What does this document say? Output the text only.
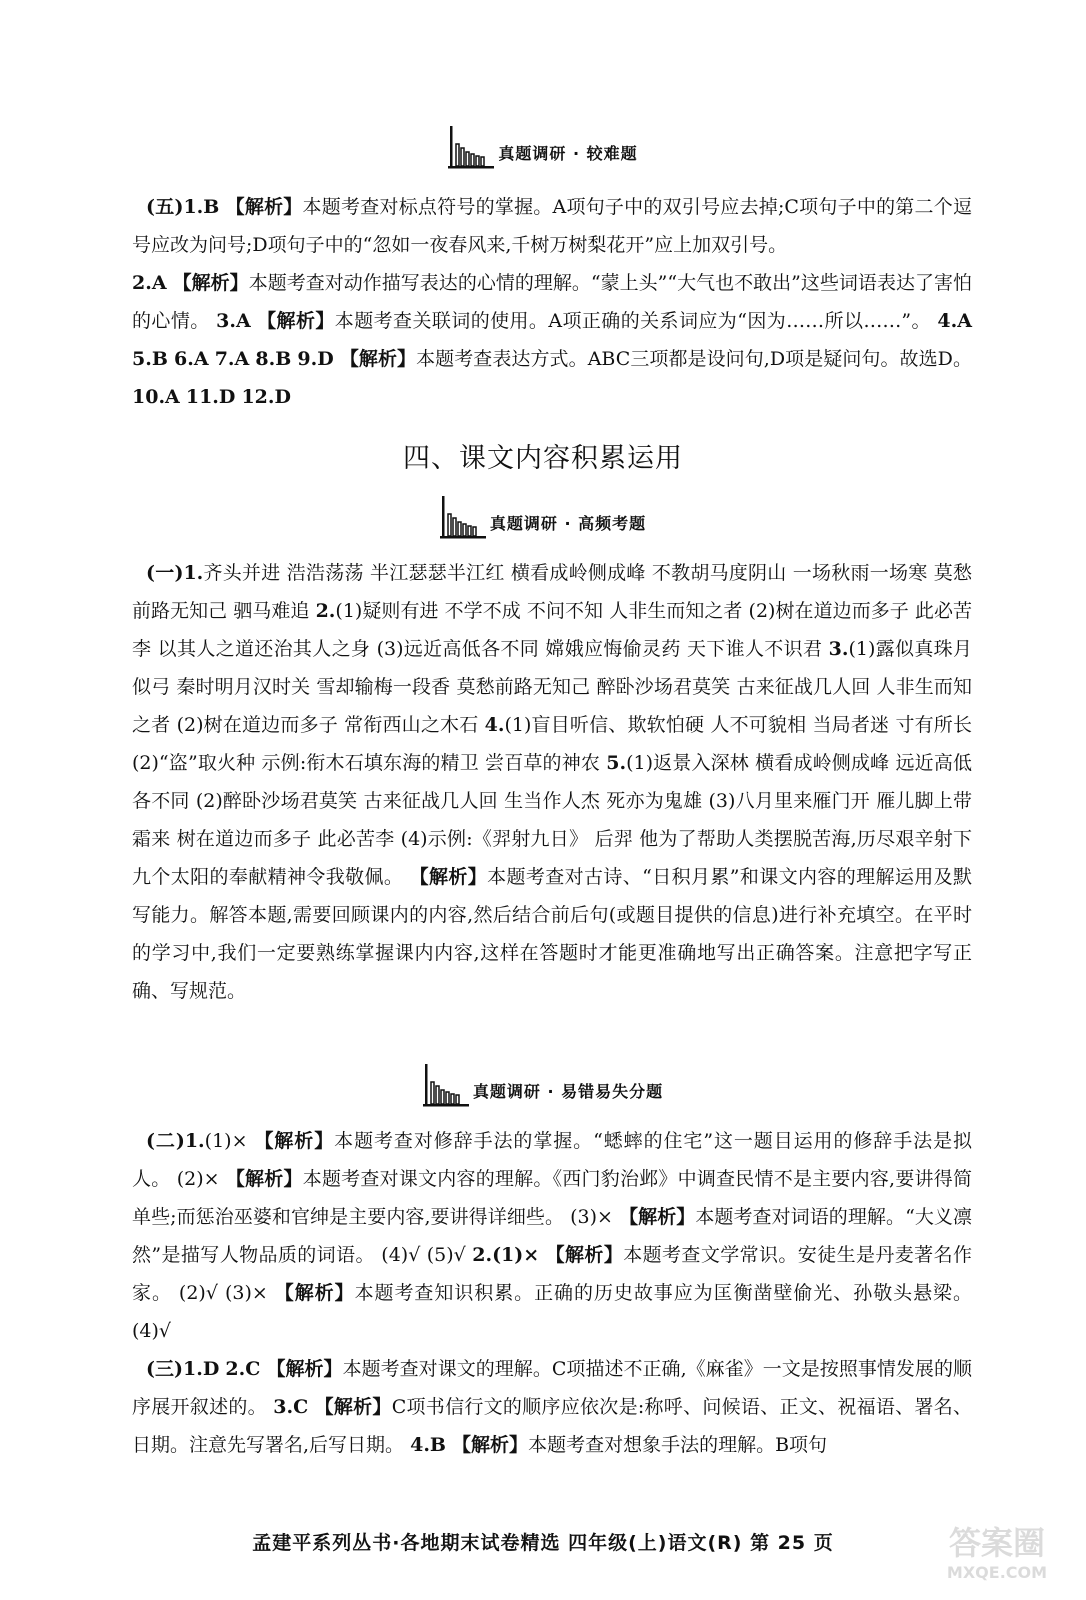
真题调研 · 较难题

(五)1.B 【解析】本题考查对标点符号的掌握。A项句子中的双引号应去掉;C项句子中的第二个逗号应改为问号;D项句子中的“忽如一夜春风来,千树万树梨花开”应上加双引号。
2.A 【解析】本题考查对动作描写表达的心情的理解。“蒙上头”“大气也不敢出”这些词语表达了害怕的心情。 3.A 【解析】本题考查关联词的使用。A项正确的关系词应为“因为……所以……”。 4.A 5.B 6.A 7.A 8.B 9.D 【解析】本题考查表达方式。ABC三项都是设问句,D项是疑问句。故选D。 10.A 11.D 12.D

四、课文内容积累运用
真题调研 · 高频考题

(一)1.齐头并进 浩浩荡荡 半江瑟瑟半江红 横看成岭侧成峰 不教胡马度阴山 一场秋雨一场寒 莫愁前路无知己 驷马难追 2.(1)疑则有进 不学不成 不问不知 人非生而知之者 (2)树在道边而多子 此必苦李 以其人之道还治其人之身 (3)远近高低各不同 嫦娥应悔偷灵药 天下谁人不识君 3.(1)露似真珠月似弓 秦时明月汉时关 雪却输梅一段香 莫愁前路无知己 醉卧沙场君莫笑 古来征战几人回 人非生而知之者 (2)树在道边而多子 常衔西山之木石 4.(1)盲目听信、欺软怕硬 人不可貌相 当局者迷 寸有所长 (2)“盗”取火种 示例:衔木石填东海的精卫 尝百草的神农 5.(1)返景入深林 横看成岭侧成峰 远近高低各不同 (2)醉卧沙场君莫笑 古来征战几人回 生当作人杰 死亦为鬼雄 (3)八月里来雁门开 雁儿脚上带霜来 树在道边而多子 此必苦李 (4)示例:《羿射九日》 后羿 他为了帮助人类摆脱苦海,历尽艰辛射下九个太阳的奉献精神令我敬佩。 【解析】本题考查对古诗、“日积月累”和课文内容的理解运用及默写能力。解答本题,需要回顾课内的内容,然后结合前后句(或题目提供的信息)进行补充填空。在平时的学习中,我们一定要熟练掌握课内内容,这样在答题时才能更准确地写出正确答案。注意把字写正确、写规范。

真题调研 · 易错易失分题

(二)1.(1)× 【解析】本题考查对修辞手法的掌握。“蟋蟀的住宅”这一题目运用的修辞手法是拟人。 (2)× 【解析】本题考查对课文内容的理解。《西门豹治邺》中调查民情不是主要内容,要讲得简单些;而惩治巫婆和官绅是主要内容,要讲得详细些。 (3)× 【解析】本题考查对词语的理解。“大义凛然”是描写人物品质的词语。 (4)√ (5)√ 2.(1)× 【解析】本题考查文学常识。安徒生是丹麦著名作家。 (2)√ (3)× 【解析】本题考查知识积累。正确的历史故事应为匡衡凿壁偷光、孙敬头悬梁。 (4)√

(三)1.D 2.C 【解析】本题考查对课文的理解。C项描述不正确,《麻雀》一文是按照事情发展的顺序展开叙述的。 3.C 【解析】C项书信行文的顺序应依次是:称呼、问候语、正文、祝福语、署名、日期。注意先写署名,后写日期。 4.B 【解析】本题考查对想象手法的理解。B项句

孟建平系列丛书·各地期末试卷精选 四年级(上)语文(R) 第 25 页	答案圈
MXQE.COM
